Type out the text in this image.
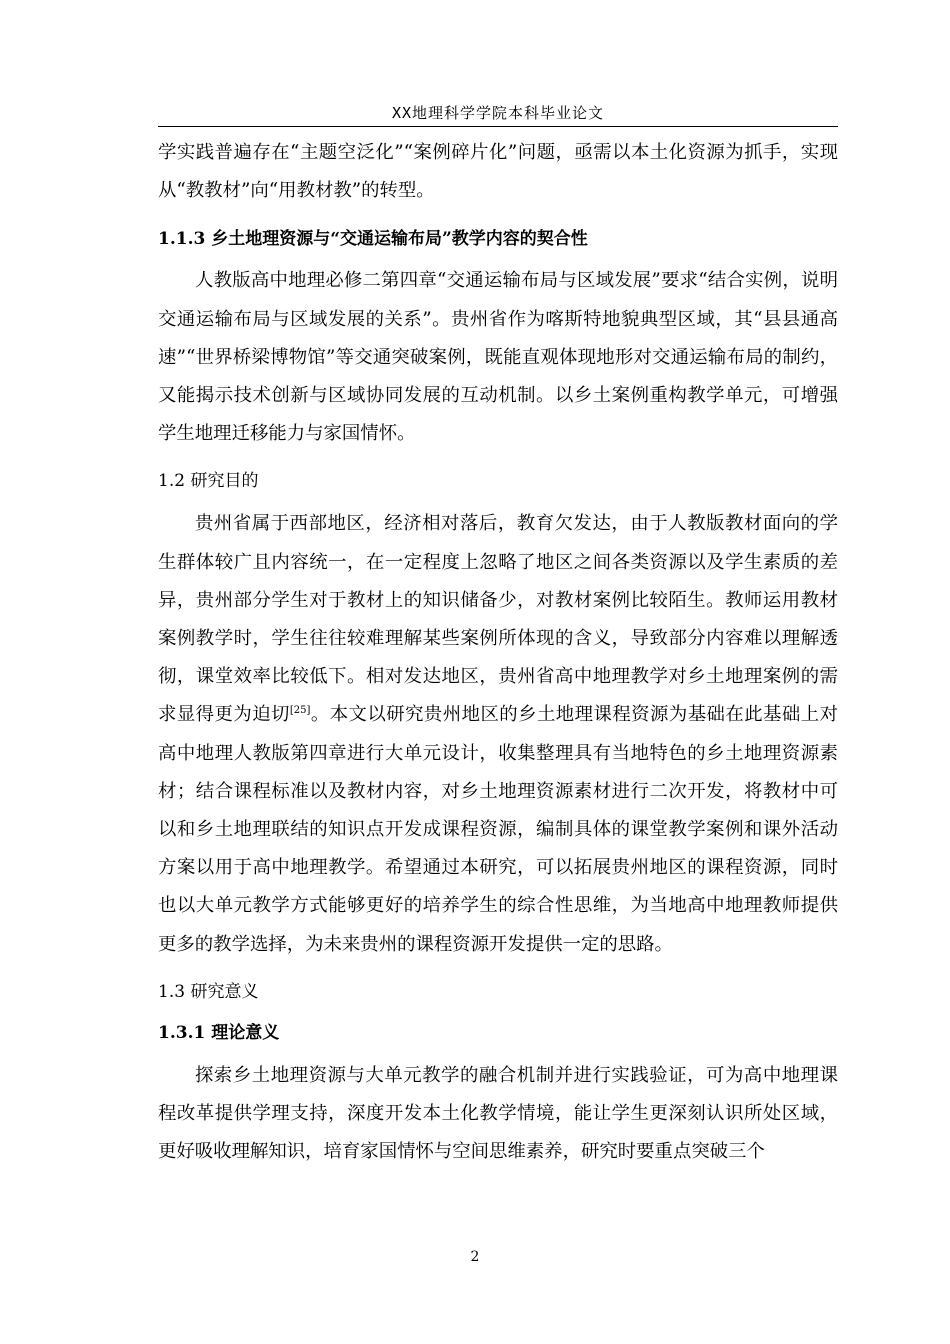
XX地理科学学院本科毕业论文

学实践普遍存在“主题空泛化”“案例碎片化”问题，亟需以本土化资源为抓手，实现从“教教材”向“用教材教”的转型。

1.1.3 乡土地理资源与“交通运输布局”教学内容的契合性

人教版高中地理必修二第四章“交通运输布局与区域发展”要求“结合实例，说明交通运输布局与区域发展的关系”。贵州省作为喀斯特地貌典型区域，其“县县通高速”“世界桥梁博物馆”等交通突破案例，既能直观体现地形对交通运输布局的制约，又能揭示技术创新与区域协同发展的互动机制。以乡土案例重构教学单元，可增强学生地理迁移能力与家国情怀。

1.2 研究目的

贵州省属于西部地区，经济相对落后，教育欠发达，由于人教版教材面向的学生群体较广且内容统一，在一定程度上忽略了地区之间各类资源以及学生素质的差异，贵州部分学生对于教材上的知识储备少，对教材案例比较陌生。教师运用教材案例教学时，学生往往较难理解某些案例所体现的含义，导致部分内容难以理解透彻，课堂效率比较低下。相对发达地区，贵州省高中地理教学对乡土地理案例的需求显得更为迫切[25]。本文以研究贵州地区的乡土地理课程资源为基础在此基础上对高中地理人教版第四章进行大单元设计，收集整理具有当地特色的乡土地理资源素材；结合课程标准以及教材内容，对乡土地理资源素材进行二次开发，将教材中可以和乡土地理联结的知识点开发成课程资源，编制具体的课堂教学案例和课外活动方案以用于高中地理教学。希望通过本研究，可以拓展贵州地区的课程资源，同时也以大单元教学方式能够更好的培养学生的综合性思维，为当地高中地理教师提供更多的教学选择，为未来贵州的课程资源开发提供一定的思路。

1.3 研究意义

1.3.1 理论意义

探索乡土地理资源与大单元教学的融合机制并进行实践验证，可为高中地理课程改革提供学理支持，深度开发本土化教学情境，能让学生更深刻认识所处区域，更好吸收理解知识，培育家国情怀与空间思维素养，研究时要重点突破三个

2
